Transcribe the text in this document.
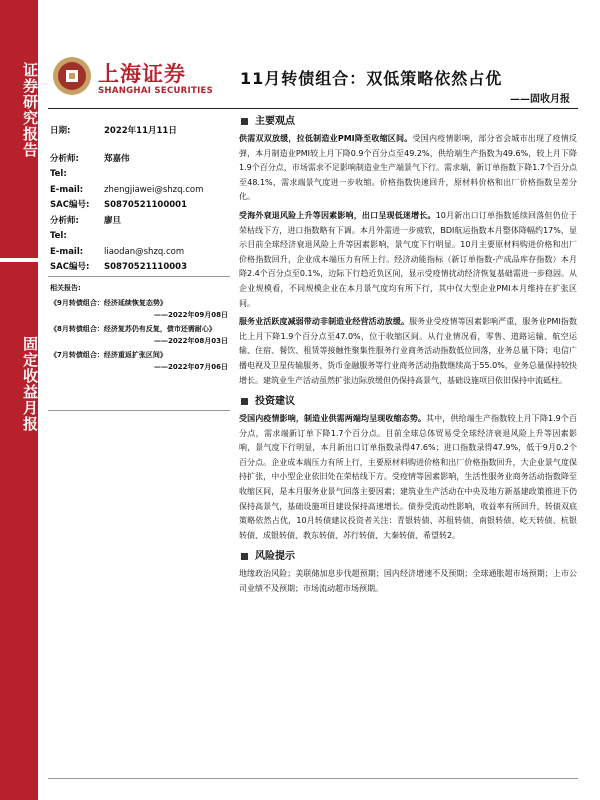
证券研究报告
固定收益月报
上海证券
SHANGHAI SECURITIES
11月转债组合：双低策略依然占优
——固收月报
日期:	2022年11月11日
分析师:	郑嘉伟
Tel:
E-mail: zhengjiawei@shzq.com
SAC编号: S0870521100001
分析师:	廖旦
Tel:
E-mail: liaodan@shzq.com
SAC编号: S0870521110003
相关报告:
《9月转债组合：经济延续恢复态势》
——2022年09月08日
《8月转债组合：经济复苏仍有反复，债市还需耐心》
——2022年08月03日
《7月转债组合：经济重返扩张区间》
——2022年07月06日
主要观点

供需双双放缓，拉低制造业PMI降至收缩区间。受国内疫情影响，部分省会城市出现了疫情反弹，本月制造业PMI较上月下降0.9个百分点至49.2%，供给端生产指数为49.6%，较上月下降1.9个百分点，市场需求不足影响制造业生产端景气下行。需求端，新订单指数下降1.7个百分点至48.1%，需求端景气度进一步收缩。价格指数快速回升，原材料价格和出厂价格指数呈差分化。

受海外衰退风险上升等因素影响，出口呈现低迷增长。10月新出口订单指数延续回落但仍位于荣枯线下方，进口指数略有下调。本月外需进一步疲软，BDI航运指数本月整体降幅约17%，显示目前全球经济衰退风险上升等因素影响，景气度下行明显。10月主要原材料购进价格和出厂价格指数回升，企业成本端压力有所上行。经济动能指标（新订单指数-产成品库存指数）本月降2.4个百分点至0.1%，边际下行趋近负区间，显示受疫情扰动经济恢复基础需进一步稳固。从企业规模看，不同规模企业在本月景气度均有所下行，其中仅大型企业PMI本月维持在扩张区间。

服务业活跃度减弱带动非制造业经营活动放缓。服务业受疫情等因素影响严重，服务业PMI指数比上月下降1.9个百分点至47.0%，位于收缩区间。从行业情况看，零售、道路运输、航空运输、住宿、餐饮、租赁等接触性聚集性服务行业商务活动指数低位回落，业务总量下降；电信广播电视及卫星传输服务、货币金融服务等行业商务活动指数继续高于55.0%，业务总量保持较快增长。建筑业生产活动虽然扩张边际放缓但仍保持高景气，基础设施项目依旧保持中流砥柱。

投资建议

受国内疫情影响，制造业供需两端均呈现收缩态势。其中，供给端生产指数较上月下降1.9个百分点，需求端新订单下降1.7个百分点。目前全球总体贸易受全球经济衰退风险上升等因素影响，景气度下行明显，本月新出口订单指数录得47.6%；进口指数录得47.9%，低于9月0.2个百分点。企业成本端压力有所上行，主要原材料购进价格和出厂价格指数回升，大企业景气度保持扩张，中小型企业依旧处在荣枯线下方。受疫情等因素影响，生活性服务业商务活动指数降至收缩区间，是本月服务业景气回落主要因素；建筑业生产活动在中央及地方新基建政策推进下仍保持高景气，基础设施项目建设保持高速增长。债券受流动性影响，收益率有所回升，转债双底策略依然占优，10月转债建议投资者关注：青银转债、苏租转债、南银转债、屹天转债、杭银转债、成银转债、教东转债、苏行转债、大秦转债、希望转2。

风险提示

地缘政治风险；美联储加息步伐超预期；国内经济增速不及预期；全球通胀超市场预期；上市公司业绩不及预期；市场流动超市场预期。
